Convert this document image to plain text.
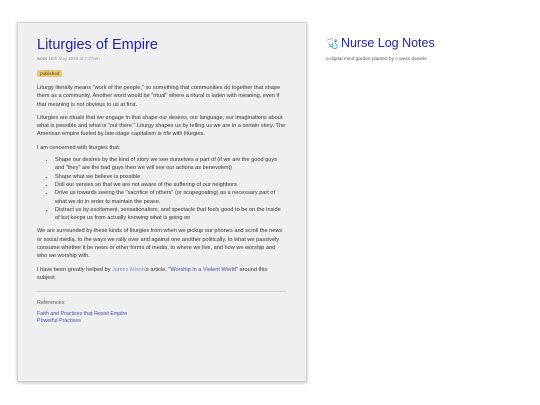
Liturgies of Empire
wess 16th May 2020 at 7:27am
published

Liturgy literally means "work of the people," so something that communities do together that shape them as a community. Another word would be "ritual" where a ritural is laden with meaning, even if that meaning is not obvious to us at first.

Liturgies are rituals that we engage in that shape our desires, our language, our imaginations about what is possible and what is "out there." Liturgy shapes us by telling us we are in a certain story. The American empire fueled by late-stage capitalism is rife with liturgies.

I am concerned with liturgies that:

• Shape our desires by the kind of story we see ourselves a part of (if we are the good guys and "they" are the bad guys then we will see our actions as benevolent)
• Shape what we believe is possible
• Dull our senses so that we are not aware of the suffering of our neighbors
• Drive us towards seeing the "sacrifice of others" (or scapegoating) as a necessary part of what we do in order to maintain the peace.
• Distract us by excitement, sensationalism, and spectacle that feels good to be on the inside of but keeps us from actually knowing what is going on

We are surrounded by these kinds of liturgies from when we pickup our phones and scroll the news or social media, to the ways we rally over and against one another politically, to what we passively consume whether it be news or other forms of media, to where we live, and how we worship and who we worship with.

I have been greatly helped by James Alison's article, "Worship in a Violent World" around this subject.

References:
Faith and Practices that Resist Empire
Powerful Practices
🩺 Nurse Log Notes
a digital mind garden planted by c wess daniels
